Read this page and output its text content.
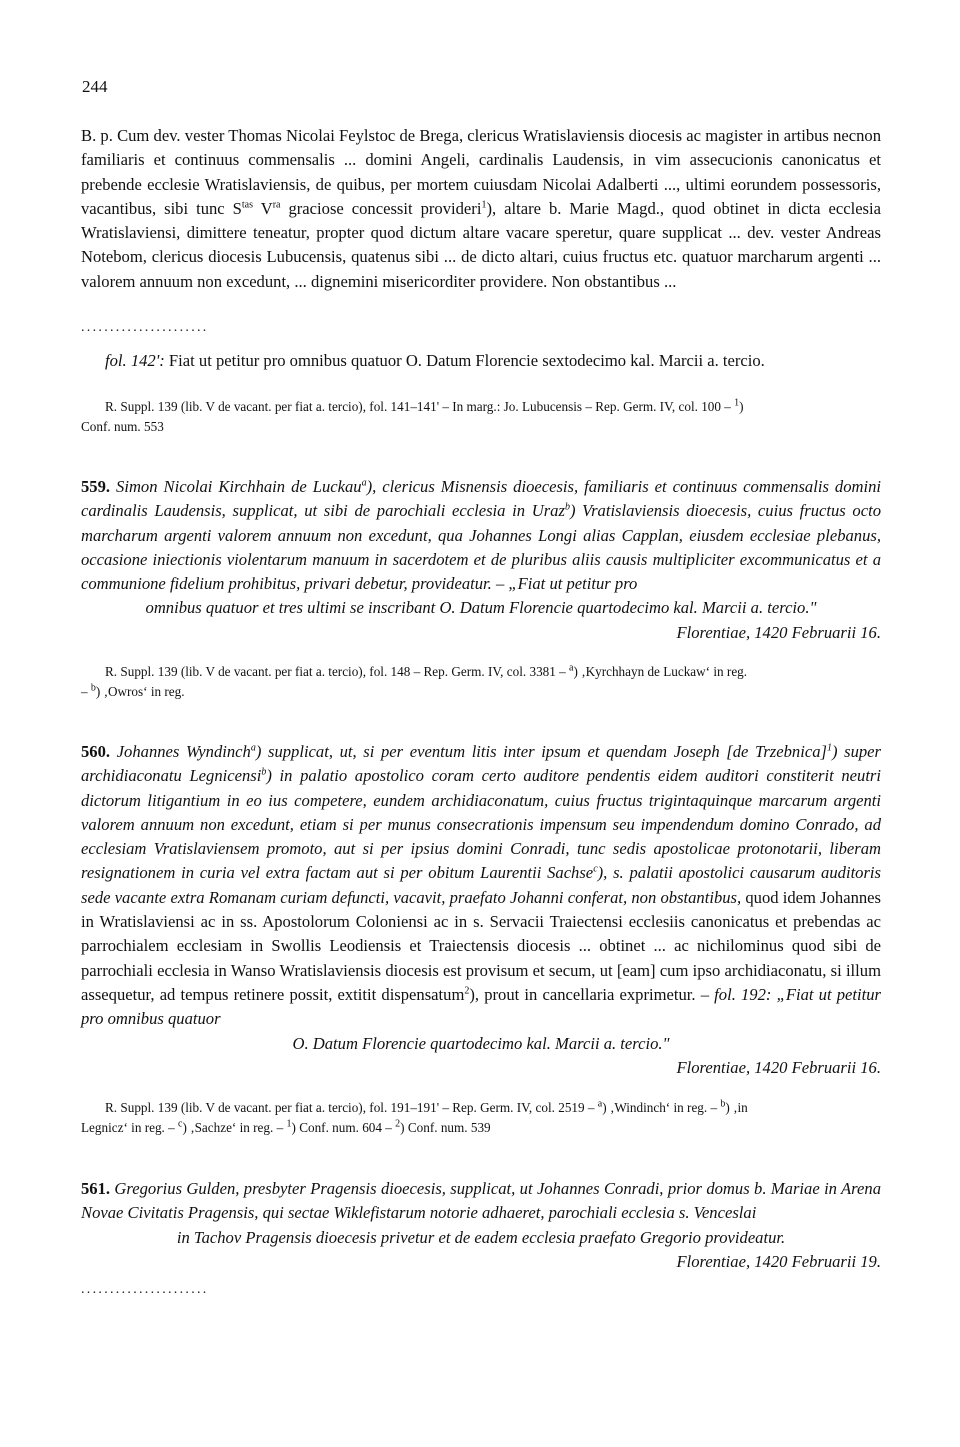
244

B. p. Cum dev. vester Thomas Nicolai Feylstoc de Brega, clericus Wratislaviensis diocesis ac magister in artibus necnon familiaris et continuus commensalis ... domini Angeli, cardinalis Laudensis, in vim assecucionis canonicatus et prebende ecclesie Wratislaviensis, de quibus, per mortem cuiusdam Nicolai Adalberti ..., ultimi eorundem possessoris, vacantibus, sibi tunc $S^{tas}$ $V^{ra}$ graciose concessit provideri$^1$), altare b. Marie Magd., quod obtinet in dicta ecclesia Wratislaviensi, dimittere teneatur, propter quod dictum altare vacare speretur, quare supplicat ... dev. vester Andreas Notebom, clericus diocesis Lubucensis, quatenus sibi ... de dicto altari, cuius fructus etc. quatuor marcharum argenti ... valorem annuum non excedunt, ... dignemini misericorditer providere. Non obstantibus ...

......................

fol. 142': Fiat ut petitur pro omnibus quatuor O. Datum Florencie sextodecimo kal. Marcii a. tercio.

R. Suppl. 139 (lib. V de vacant. per fiat a. tercio), fol. 141–141' – In marg.: Jo. Lubucensis – Rep. Germ. IV, col. 100 – $^1$)

Conf. num. 553

559. Simon Nicolai Kirchhain de Luckau$^a$), clericus Misnensis dioecesis, familiaris et continuus commensalis domini cardinalis Laudensis, supplicat, ut sibi de parochiali ecclesia in Uraz$^b$) Vratislaviensis dioecesis, cuius fructus octo marcharum argenti valorem annuum non excedunt, qua Johannes Longi alias Capplan, eiusdem ecclesiae plebanus, occasione iniectionis violentarum manuum in sacerdotem et de pluribus aliis causis multipliciter excommunicatus et a communione fidelium prohibitus, privari debetur, provideatur. – „Fiat ut petitur pro

omnibus quatuor et tres ultimi se inscribant O. Datum Florencie quartodecimo kal. Marcii a. tercio."

Florentiae, 1420 Februarii 16.

R. Suppl. 139 (lib. V de vacant. per fiat a. tercio), fol. 148 – Rep. Germ. IV, col. 3381 – $^a$) ‚Kyrchhayn de Luckaw‘ in reg.

– $^b$) ‚Owros‘ in reg.

560. Johannes Wyndinch$^a$) supplicat, ut, si per eventum litis inter ipsum et quendam Joseph [de Trzebnica]$^1$) super archidiaconatu Legnicensi$^b$) in palatio apostolico coram certo auditore pendentis eidem auditori constiterit neutri dictorum litigantium in eo ius competere, eundem archidiaconatum, cuius fructus trigintaquinque marcarum argenti valorem annuum non excedunt, etiam si per munus consecrationis impensum seu impendendum domino Conrado, ad ecclesiam Vratislaviensem promoto, aut si per ipsius domini Conradi, tunc sedis apostolicae protonotarii, liberam resignationem in curia vel extra factam aut si per obitum Laurentii Sachse$^c$), s. palatii apostolici causarum auditoris sede vacante extra Romanam curiam defuncti, vacavit, praefato Johanni conferat, non obstantibus, quod idem Johannes in Wratislaviensi ac in ss. Apostolorum Coloniensi ac in s. Servacii Traiectensi ecclesiis canonicatus et prebendas ac parrochialem ecclesiam in Swollis Leodiensis et Traiectensis diocesis ... obtinet ... ac nichilominus quod sibi de parrochiali ecclesia in Wanso Wratislaviensis diocesis est provisum et secum, ut [eam] cum ipso archidiaconatu, si illum assequetur, ad tempus retinere possit, extitit dispensatum$^2$), prout in cancellaria exprimetur. – fol. 192: „Fiat ut petitur pro omnibus quatuor

O. Datum Florencie quartodecimo kal. Marcii a. tercio."

Florentiae, 1420 Februarii 16.

R. Suppl. 139 (lib. V de vacant. per fiat a. tercio), fol. 191–191' – Rep. Germ. IV, col. 2519 – $^a$) ‚Windinch‘ in reg. – $^b$) ‚in

Legnicz‘ in reg. – $^c$) ‚Sachze‘ in reg. – $^1$) Conf. num. 604 – $^2$) Conf. num. 539

561. Gregorius Gulden, presbyter Pragensis dioecesis, supplicat, ut Johannes Conradi, prior domus b. Mariae in Arena Novae Civitatis Pragensis, qui sectae Wiklefistarum notorie adhaeret, parochiali ecclesia s. Venceslai

in Tachov Pragensis dioecesis privetur et de eadem ecclesia praefato Gregorio provideatur.

Florentiae, 1420 Februarii 19.

......................
